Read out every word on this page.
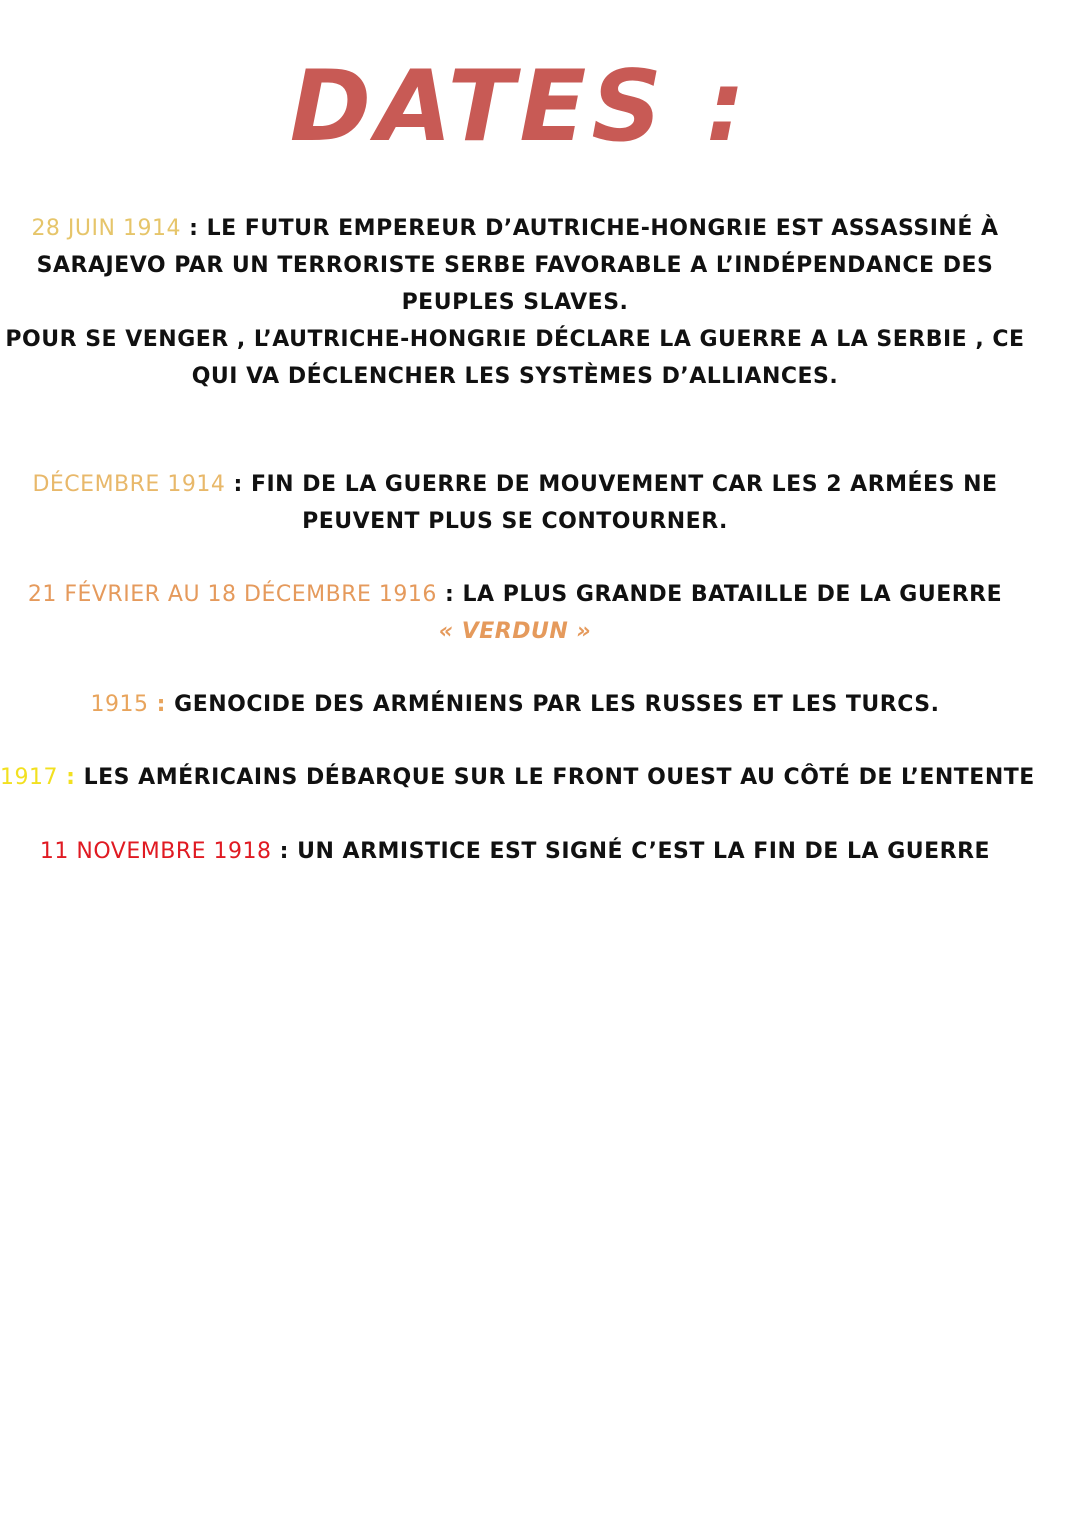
DATES :
28 JUIN 1914 : LE FUTUR EMPEREUR D’AUTRICHE-HONGRIE EST ASSASSINÉ À
SARAJEVO PAR UN TERRORISTE SERBE FAVORABLE A L’INDÉPENDANCE DES
PEUPLES SLAVES.
POUR SE VENGER , L’AUTRICHE-HONGRIE DÉCLARE LA GUERRE A LA SERBIE , CE
QUI VA DÉCLENCHER LES SYSTÈMES D’ALLIANCES.
DÉCEMBRE 1914 : FIN DE LA GUERRE DE MOUVEMENT CAR LES 2 ARMÉES NE
PEUVENT PLUS SE CONTOURNER.
21 FÉVRIER AU 18 DÉCEMBRE 1916 : LA PLUS GRANDE BATAILLE DE LA GUERRE
« VERDUN »
1915 : GENOCIDE DES ARMÉNIENS PAR LES RUSSES ET LES TURCS.
1917 : LES AMÉRICAINS DÉBARQUE SUR LE FRONT OUEST AU CÔTÉ DE L’ENTENTE
11 NOVEMBRE 1918 : UN ARMISTICE EST SIGNÉ C’EST LA FIN DE LA GUERRE
